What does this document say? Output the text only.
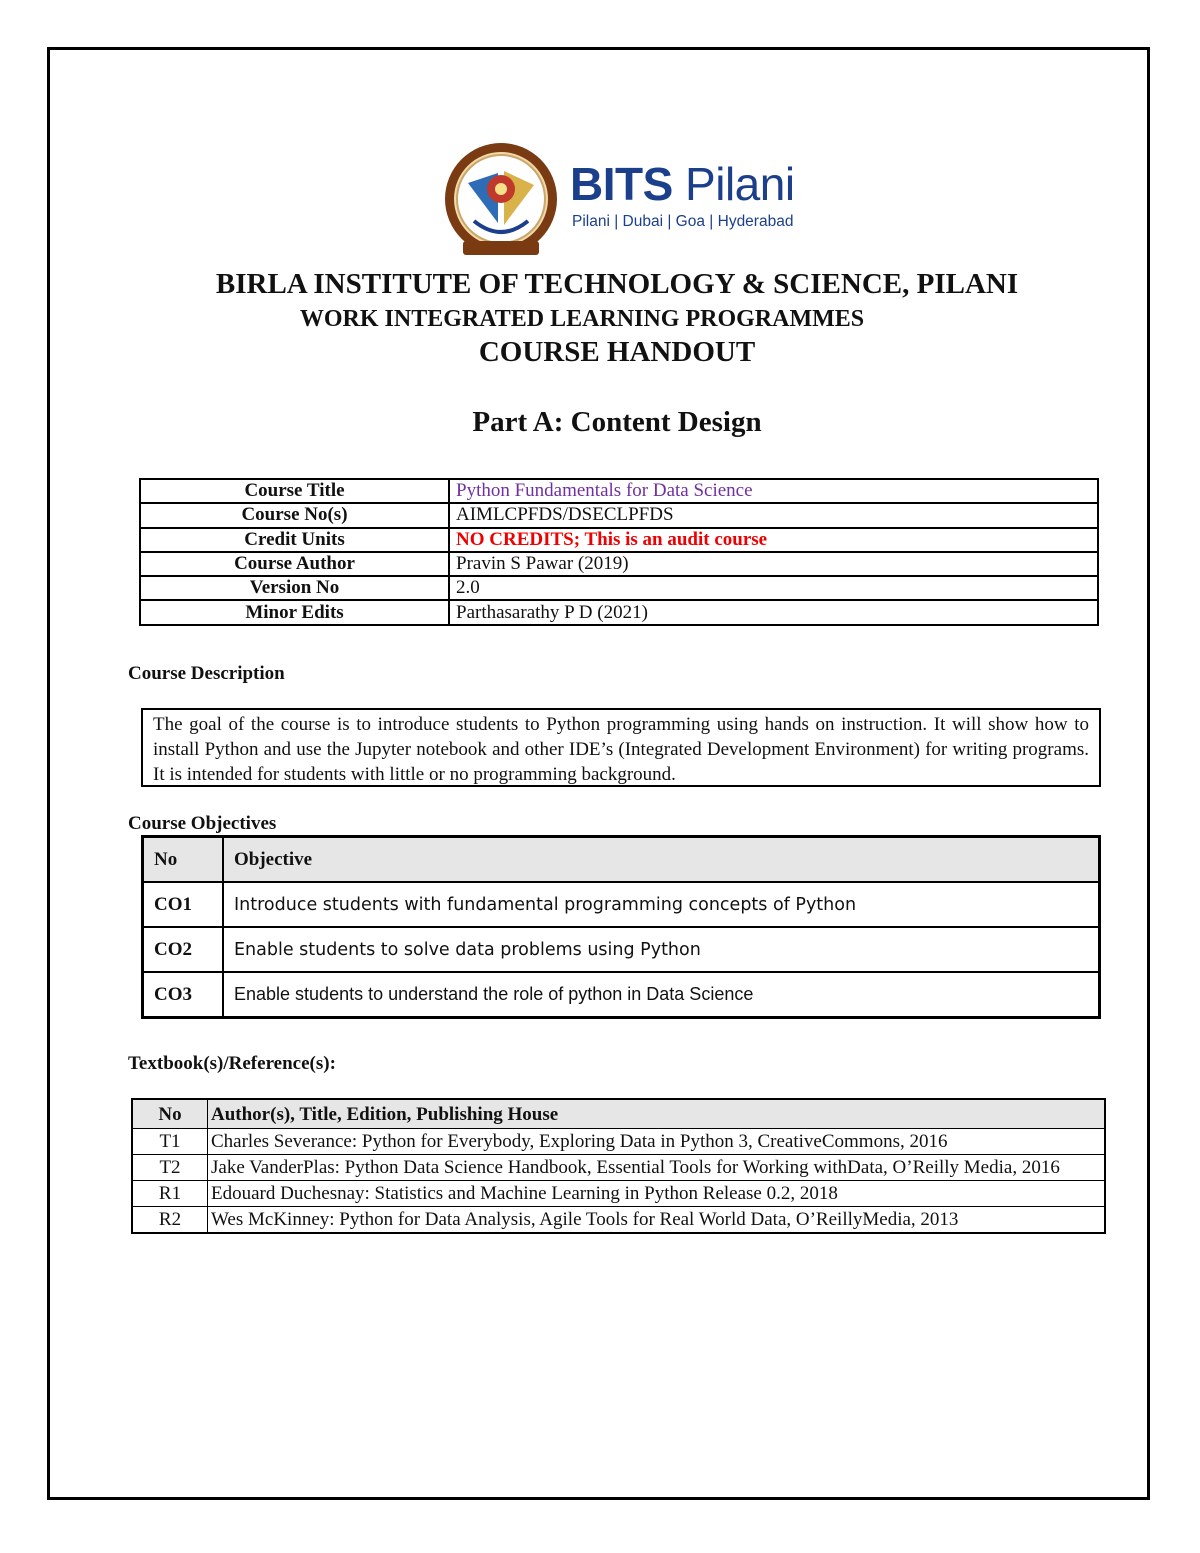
BITS Pilani
Pilani | Dubai | Goa | Hyderabad
BIRLA INSTITUTE OF TECHNOLOGY & SCIENCE, PILANI
WORK INTEGRATED LEARNING PROGRAMMES
COURSE HANDOUT
Part A: Content Design
Course Title	Python Fundamentals for Data Science
Course No(s)	AIMLCPFDS/DSECLPFDS
Credit Units	NO CREDITS; This is an audit course
Course Author	Pravin S Pawar (2019)
Version No	2.0
Minor Edits	Parthasarathy P D (2021)
Course Description
The goal of the course is to introduce students to Python programming using hands on instruction. It will show how to install Python and use the Jupyter notebook and other IDE’s (Integrated Development Environment) for writing programs. It is intended for students with little or no programming background.
Course Objectives
No	Objective
CO1	Introduce students with fundamental programming concepts of Python
CO2	Enable students to solve data problems using Python
CO3	Enable students to understand the role of python in Data Science
Textbook(s)/Reference(s):
No	Author(s), Title, Edition, Publishing House
T1	Charles Severance: Python for Everybody, Exploring Data in Python 3, CreativeCommons, 2016
T2	Jake VanderPlas: Python Data Science Handbook, Essential Tools for Working withData, O’Reilly Media, 2016
R1	Edouard Duchesnay: Statistics and Machine Learning in Python Release 0.2, 2018
R2	Wes McKinney: Python for Data Analysis, Agile Tools for Real World Data, O’ReillyMedia, 2013
